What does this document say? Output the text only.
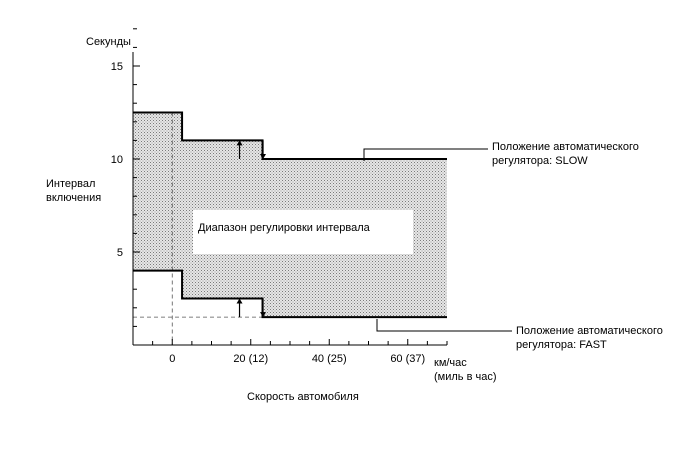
Диапазон регулировки интервала
5
10
15
0	20 (12)	40 (25)	60 (37)
Секунды
Интервал
включения
км/час
(миль в час)
Скорость автомобиля
Положение автоматического
регулятора: SLOW
Положение автоматического
регулятора: FAST
